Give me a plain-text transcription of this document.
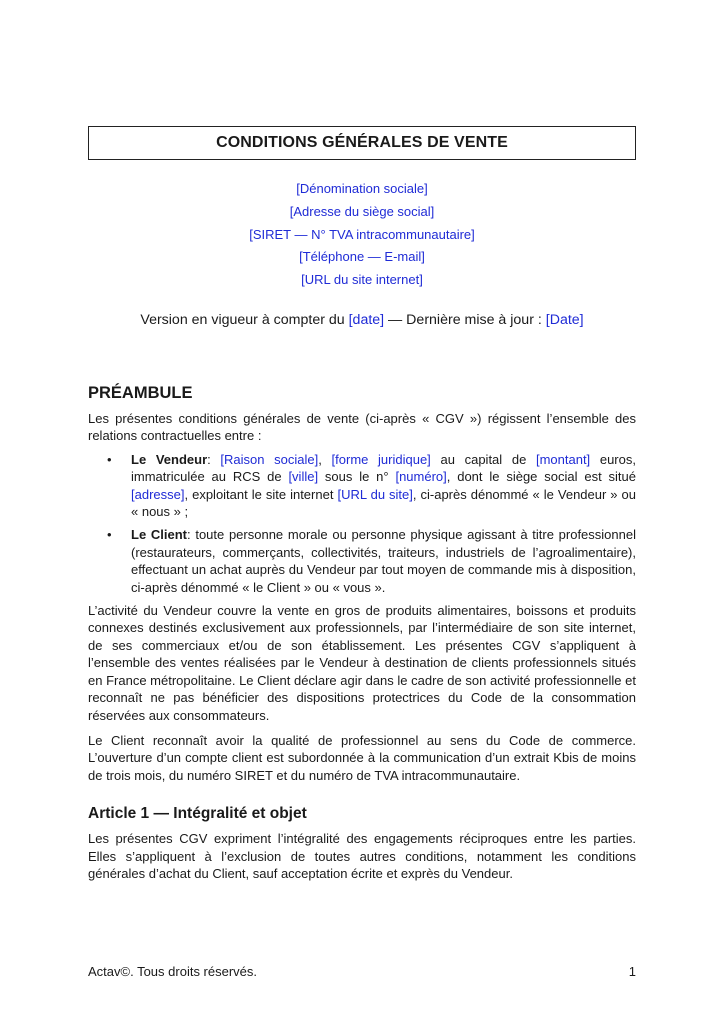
CONDITIONS GÉNÉRALES DE VENTE
[Dénomination sociale]
[Adresse du siège social]
[SIRET — N° TVA intracommunautaire]
[Téléphone — E-mail]
[URL du site internet]
Version en vigueur à compter du [date] — Dernière mise à jour : [Date]
PRÉAMBULE

Les présentes conditions générales de vente (ci-après « CGV ») régissent l’ensemble des relations contractuelles entre :

• Le Vendeur: [Raison sociale], [forme juridique] au capital de [montant] euros, immatriculée au RCS de [ville] sous le n° [numéro], dont le siège social est situé [adresse], exploitant le site internet [URL du site], ci-après dénommé « le Vendeur » ou « nous » ;
• Le Client: toute personne morale ou personne physique agissant à titre professionnel (restaurateurs, commerçants, collectivités, traiteurs, industriels de l’agroalimentaire), effectuant un achat auprès du Vendeur par tout moyen de commande mis à disposition, ci-après dénommé « le Client » ou « vous ».

L’activité du Vendeur couvre la vente en gros de produits alimentaires, boissons et produits connexes destinés exclusivement aux professionnels, par l’intermédiaire de son site internet, de ses commerciaux et/ou de son établissement. Les présentes CGV s’appliquent à l’ensemble des ventes réalisées par le Vendeur à destination de clients professionnels situés en France métropolitaine. Le Client déclare agir dans le cadre de son activité professionnelle et reconnaît ne pas bénéficier des dispositions protectrices du Code de la consommation réservées aux consommateurs.

Le Client reconnaît avoir la qualité de professionnel au sens du Code de commerce. L’ouverture d’un compte client est subordonnée à la communication d’un extrait Kbis de moins de trois mois, du numéro SIRET et du numéro de TVA intracommunautaire.

Article 1 — Intégralité et objet

Les présentes CGV expriment l’intégralité des engagements réciproques entre les parties. Elles s’appliquent à l’exclusion de toutes autres conditions, notamment les conditions générales d’achat du Client, sauf acceptation écrite et exprès du Vendeur.

Actav©. Tous droits réservés.	1
